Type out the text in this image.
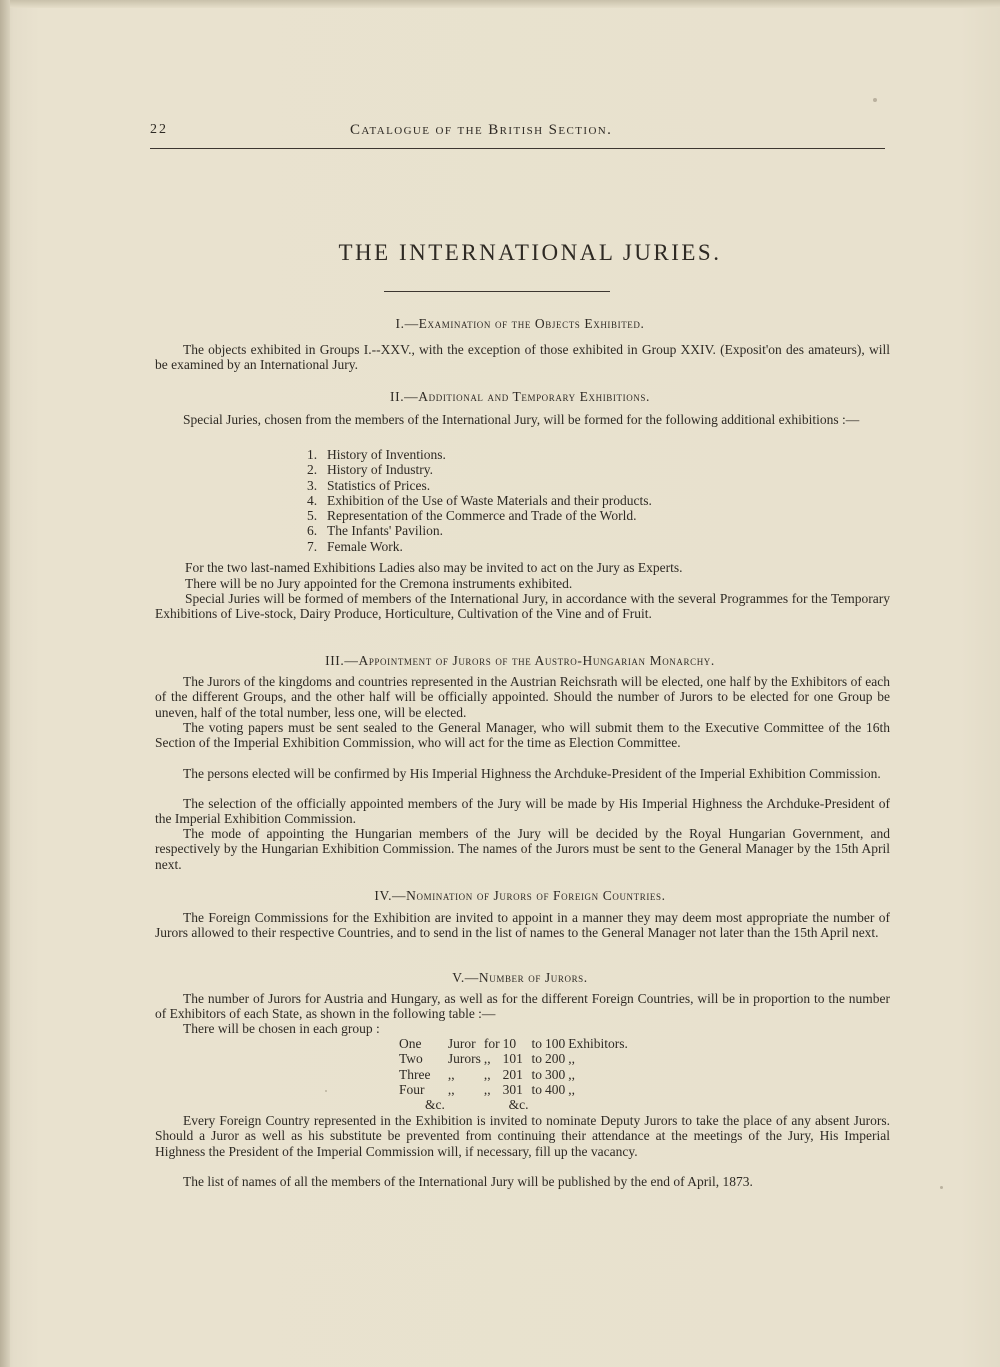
22	Catalogue of the British Section.
THE INTERNATIONAL JURIES.
I.—Examination of the Objects Exhibited.

The objects exhibited in Groups I.--XXV., with the exception of those exhibited in Group XXIV. (Exposit'on des amateurs), will be examined by an International Jury.

II.—Additional and Temporary Exhibitions.

Special Juries, chosen from the members of the International Jury, will be formed for the following additional exhibitions :—

1. History of Inventions.
2. History of Industry.
3. Statistics of Prices.
4. Exhibition of the Use of Waste Materials and their products.
5. Representation of the Commerce and Trade of the World.
6. The Infants' Pavilion.
7. Female Work.

For the two last-named Exhibitions Ladies also may be invited to act on the Jury as Experts.

There will be no Jury appointed for the Cremona instruments exhibited.

Special Juries will be formed of members of the International Jury, in accordance with the several Programmes for the Temporary Exhibitions of Live-stock, Dairy Produce, Horticulture, Cultivation of the Vine and of Fruit.

III.—Appointment of Jurors of the Austro-Hungarian Monarchy.

The Jurors of the kingdoms and countries represented in the Austrian Reichsrath will be elected, one half by the Exhibitors of each of the different Groups, and the other half will be officially appointed. Should the number of Jurors to be elected for one Group be uneven, half of the total number, less one, will be elected.

The voting papers must be sent sealed to the General Manager, who will submit them to the Executive Committee of the 16th Section of the Imperial Exhibition Commission, who will act for the time as Election Committee.

The persons elected will be confirmed by His Imperial Highness the Archduke-President of the Imperial Exhibition Commission.

The selection of the officially appointed members of the Jury will be made by His Imperial Highness the Archduke-President of the Imperial Exhibition Commission.

The mode of appointing the Hungarian members of the Jury will be decided by the Royal Hungarian Government, and respectively by the Hungarian Exhibition Commission. The names of the Jurors must be sent to the General Manager by the 15th April next.

IV.—Nomination of Jurors of Foreign Countries.

The Foreign Commissions for the Exhibition are invited to appoint in a manner they may deem most appropriate the number of Jurors allowed to their respective Countries, and to send in the list of names to the General Manager not later than the 15th April next.

V.—Number of Jurors.

The number of Jurors for Austria and Hungary, as well as for the different Foreign Countries, will be in proportion to the number of Exhibitors of each State, as shown in the following table :—

There will be chosen in each group :

One	Juror	for	10	to	100	Exhibitors.
Two	Jurors	,,	101	to	200	,,
Three	,,	,,	201	to	300	,,
Four	,,	,,	301	to	400	,,
&c.			&c.			

Every Foreign Country represented in the Exhibition is invited to nominate Deputy Jurors to take the place of any absent Jurors. Should a Juror as well as his substitute be prevented from continuing their attendance at the meetings of the Jury, His Imperial Highness the President of the Imperial Commission will, if necessary, fill up the vacancy.

The list of names of all the members of the International Jury will be published by the end of April, 1873.
